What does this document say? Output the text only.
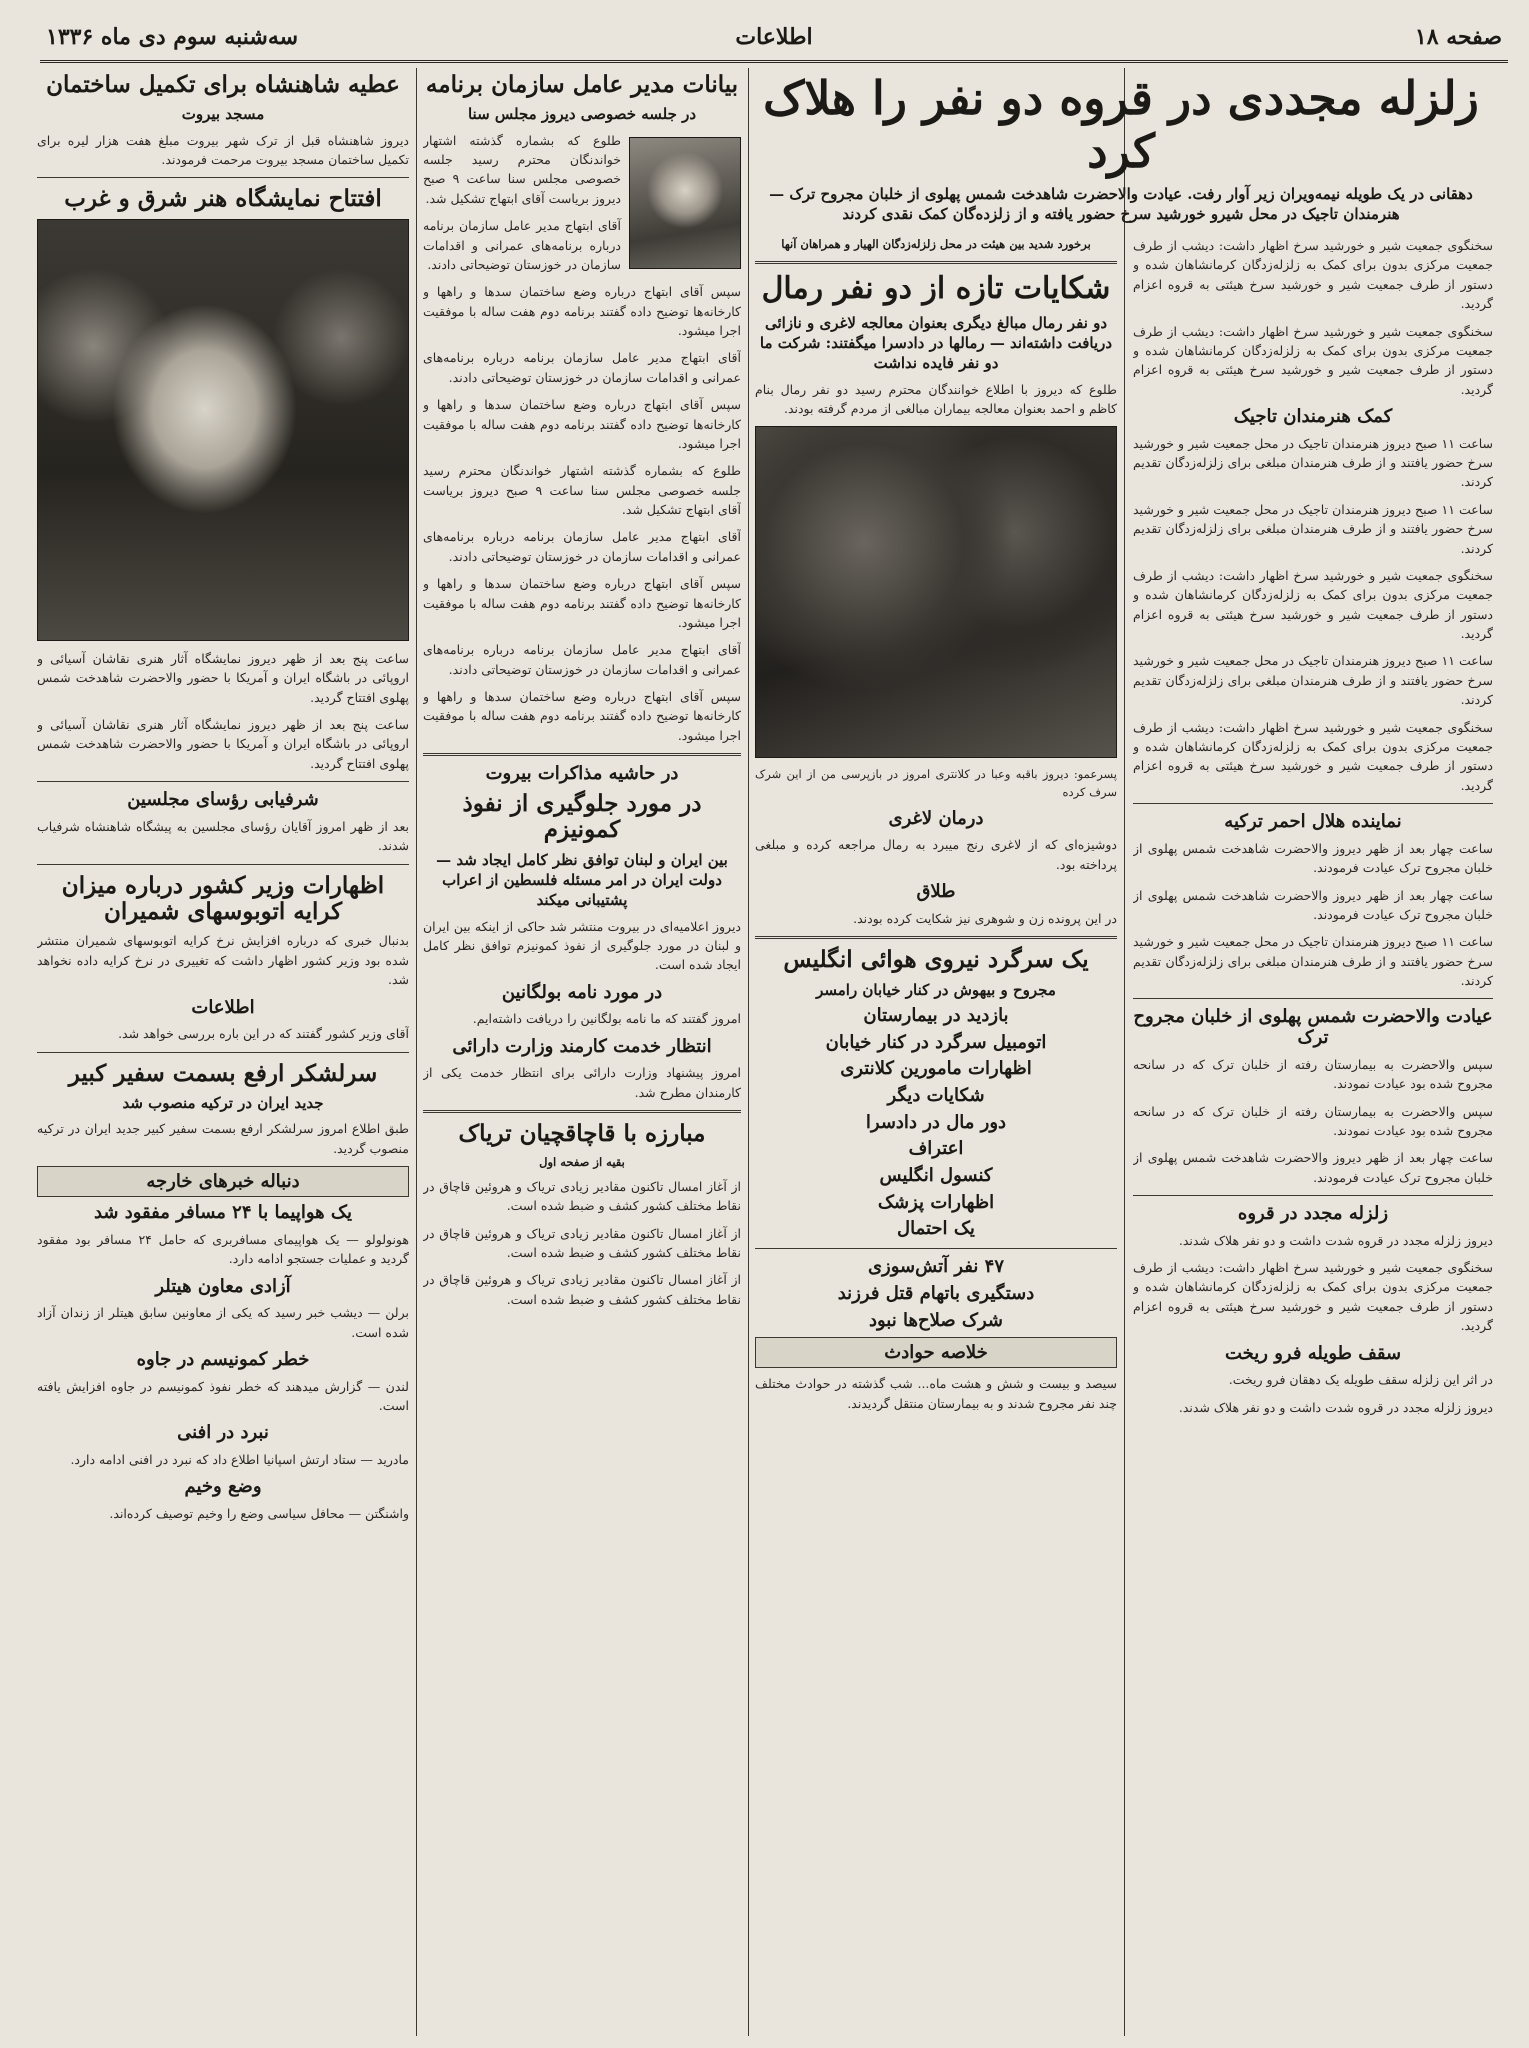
صفحه ۱۸
اطلاعات
سه‌شنبه سوم دی ماه ۱۳۳۶
زلزله مجددی در قروه دو نفر را هلاک کرد
دهقانی در یک طویله نیمه‌ویران زیر آوار رفت. عیادت والاحضرت شاهدخت شمس پهلوی از خلبان مجروح ترک — هنرمندان تاجیک در محل شیرو خورشید سرخ حضور یافته و از زلزده‌گان کمک نقدی کردند
سخنگوی جمعیت شیر و خورشید سرخ اظهار داشت: دیشب از طرف جمعیت مرکزی بدون برای کمک به زلزله‌زدگان کرمانشاهان شده و دستور از طرف جمعیت شیر و خورشید سرخ هیئتی به قروه اعزام گردید.
سخنگوی جمعیت شیر و خورشید سرخ اظهار داشت: دیشب از طرف جمعیت مرکزی بدون برای کمک به زلزله‌زدگان کرمانشاهان شده و دستور از طرف جمعیت شیر و خورشید سرخ هیئتی به قروه اعزام گردید.
کمک هنرمندان تاجیک
ساعت ۱۱ صبح دیروز هنرمندان تاجیک در محل جمعیت شیر و خورشید سرخ حضور یافتند و از طرف هنرمندان مبلغی برای زلزله‌زدگان تقدیم کردند.
ساعت ۱۱ صبح دیروز هنرمندان تاجیک در محل جمعیت شیر و خورشید سرخ حضور یافتند و از طرف هنرمندان مبلغی برای زلزله‌زدگان تقدیم کردند.
سخنگوی جمعیت شیر و خورشید سرخ اظهار داشت: دیشب از طرف جمعیت مرکزی بدون برای کمک به زلزله‌زدگان کرمانشاهان شده و دستور از طرف جمعیت شیر و خورشید سرخ هیئتی به قروه اعزام گردید.
ساعت ۱۱ صبح دیروز هنرمندان تاجیک در محل جمعیت شیر و خورشید سرخ حضور یافتند و از طرف هنرمندان مبلغی برای زلزله‌زدگان تقدیم کردند.
سخنگوی جمعیت شیر و خورشید سرخ اظهار داشت: دیشب از طرف جمعیت مرکزی بدون برای کمک به زلزله‌زدگان کرمانشاهان شده و دستور از طرف جمعیت شیر و خورشید سرخ هیئتی به قروه اعزام گردید.
نماینده هلال احمر ترکیه
ساعت چهار بعد از ظهر دیروز والاحضرت شاهدخت شمس پهلوی از خلبان مجروح ترک عیادت فرمودند.
ساعت چهار بعد از ظهر دیروز والاحضرت شاهدخت شمس پهلوی از خلبان مجروح ترک عیادت فرمودند.
ساعت ۱۱ صبح دیروز هنرمندان تاجیک در محل جمعیت شیر و خورشید سرخ حضور یافتند و از طرف هنرمندان مبلغی برای زلزله‌زدگان تقدیم کردند.
عیادت والاحضرت شمس پهلوی از خلبان مجروح ترک
سپس والاحضرت به بیمارستان رفته از خلبان ترک که در سانحه مجروح شده بود عیادت نمودند.
سپس والاحضرت به بیمارستان رفته از خلبان ترک که در سانحه مجروح شده بود عیادت نمودند.
ساعت چهار بعد از ظهر دیروز والاحضرت شاهدخت شمس پهلوی از خلبان مجروح ترک عیادت فرمودند.
زلزله مجدد در قروه
دیروز زلزله مجدد در قروه شدت داشت و دو نفر هلاک شدند.
سخنگوی جمعیت شیر و خورشید سرخ اظهار داشت: دیشب از طرف جمعیت مرکزی بدون برای کمک به زلزله‌زدگان کرمانشاهان شده و دستور از طرف جمعیت شیر و خورشید سرخ هیئتی به قروه اعزام گردید.
سقف طویله فرو ریخت
در اثر این زلزله سقف طویله یک دهقان فرو ریخت.
دیروز زلزله مجدد در قروه شدت داشت و دو نفر هلاک شدند.
برخورد شدید بین هیئت در محل زلزله‌زدگان الهیار و همراهان آنها
شکایات تازه از دو نفر رمال
دو نفر رمال مبالغ دیگری بعنوان معالجه لاغری و نازائی دریافت داشته‌اند — رمالها در دادسرا میگفتند: شرکت ما دو نفر فایده نداشت
طلوع که دیروز با اطلاع خوانندگان محترم رسید دو نفر رمال بنام کاظم و احمد بعنوان معالجه بیماران مبالغی از مردم گرفته بودند.
پسرعمو: دیروز باقبه وعبا در کلانتری امروز در بازپرسی من از این شرک سرف کرده
درمان لاغری
دوشیزه‌ای که از لاغری رنج میبرد به رمال مراجعه کرده و مبلغی پرداخته بود.
طلاق
در این پرونده زن و شوهری نیز شکایت کرده بودند.
یک سرگرد نیروی هوائی انگلیس
مجروح و بیهوش در کنار خیابان رامسر
بازدید در بیمارستان
اتومبیل سرگرد در کنار خیابان
اظهارات مامورین کلانتری
شکایات دیگر
دور مال در دادسرا
اعتراف
کنسول انگلیس
اظهارات پزشک
یک احتمال
۴۷ نفر آتش‌سوزی
دستگیری باتهام قتل فرزند
شرک صلاح‌ها نبود
خلاصه حوادث
سیصد و بیست و شش و هشت ماه... شب گذشته در حوادث مختلف چند نفر مجروح شدند و به بیمارستان منتقل گردیدند.
بیانات مدیر عامل سازمان برنامه
در جلسه خصوصی دیروز مجلس سنا
طلوع که بشماره گذشته اشتهار خواندنگان محترم رسید جلسه خصوصی مجلس سنا ساعت ۹ صبح دیروز بریاست آقای ابتهاج تشکیل شد.
آقای ابتهاج مدیر عامل سازمان برنامه درباره برنامه‌های عمرانی و اقدامات سازمان در خوزستان توضیحاتی دادند.
سپس آقای ابتهاج درباره وضع ساختمان سدها و راهها و کارخانه‌ها توضیح داده گفتند برنامه دوم هفت ساله با موفقیت اجرا میشود.
آقای ابتهاج مدیر عامل سازمان برنامه درباره برنامه‌های عمرانی و اقدامات سازمان در خوزستان توضیحاتی دادند.
سپس آقای ابتهاج درباره وضع ساختمان سدها و راهها و کارخانه‌ها توضیح داده گفتند برنامه دوم هفت ساله با موفقیت اجرا میشود.
طلوع که بشماره گذشته اشتهار خواندنگان محترم رسید جلسه خصوصی مجلس سنا ساعت ۹ صبح دیروز بریاست آقای ابتهاج تشکیل شد.
آقای ابتهاج مدیر عامل سازمان برنامه درباره برنامه‌های عمرانی و اقدامات سازمان در خوزستان توضیحاتی دادند.
سپس آقای ابتهاج درباره وضع ساختمان سدها و راهها و کارخانه‌ها توضیح داده گفتند برنامه دوم هفت ساله با موفقیت اجرا میشود.
آقای ابتهاج مدیر عامل سازمان برنامه درباره برنامه‌های عمرانی و اقدامات سازمان در خوزستان توضیحاتی دادند.
سپس آقای ابتهاج درباره وضع ساختمان سدها و راهها و کارخانه‌ها توضیح داده گفتند برنامه دوم هفت ساله با موفقیت اجرا میشود.
در حاشیه مذاکرات بیروت
در مورد جلوگیری از نفوذ کمونیزم
بین ایران و لبنان توافق نظر کامل ایجاد شد — دولت ایران در امر مسئله فلسطین از اعراب پشتیبانی میکند
دیروز اعلامیه‌ای در بیروت منتشر شد حاکی از اینکه بین ایران و لبنان در مورد جلوگیری از نفوذ کمونیزم توافق نظر کامل ایجاد شده است.
در مورد نامه بولگانین
امروز گفتند که ما نامه بولگانین را دریافت داشته‌ایم.
انتظار خدمت کارمند وزارت دارائی
امروز پیشنهاد وزارت دارائی برای انتظار خدمت یکی از کارمندان مطرح شد.
مبارزه با قاچاقچیان تریاک
بقیه از صفحه اول
از آغاز امسال تاکنون مقادیر زیادی تریاک و هروئین قاچاق در نقاط مختلف کشور کشف و ضبط شده است.
از آغاز امسال تاکنون مقادیر زیادی تریاک و هروئین قاچاق در نقاط مختلف کشور کشف و ضبط شده است.
از آغاز امسال تاکنون مقادیر زیادی تریاک و هروئین قاچاق در نقاط مختلف کشور کشف و ضبط شده است.
عطیه شاهنشاه برای تکمیل ساختمان
مسجد بیروت
دیروز شاهنشاه قبل از ترک شهر بیروت مبلغ هفت هزار لیره برای تکمیل ساختمان مسجد بیروت مرحمت فرمودند.
افتتاح نمایشگاه هنر شرق و غرب
ساعت پنج بعد از ظهر دیروز نمایشگاه آثار هنری نقاشان آسیائی و اروپائی در باشگاه ایران و آمریکا با حضور والاحضرت شاهدخت شمس پهلوی افتتاح گردید.
ساعت پنج بعد از ظهر دیروز نمایشگاه آثار هنری نقاشان آسیائی و اروپائی در باشگاه ایران و آمریکا با حضور والاحضرت شاهدخت شمس پهلوی افتتاح گردید.
شرفیابی رؤسای مجلسین
بعد از ظهر امروز آقایان رؤسای مجلسین به پیشگاه شاهنشاه شرفیاب شدند.
اظهارات وزیر کشور درباره میزان کرایه اتوبوسهای شمیران
بدنبال خبری که درباره افزایش نرخ کرایه اتوبوسهای شمیران منتشر شده بود وزیر کشور اظهار داشت که تغییری در نرخ کرایه داده نخواهد شد.
اطلاعات
آقای وزیر کشور گفتند که در این باره بررسی خواهد شد.
سرلشکر ارفع بسمت سفیر کبیر
جدید ایران در ترکیه منصوب شد
طبق اطلاع امروز سرلشکر ارفع بسمت سفیر کبیر جدید ایران در ترکیه منصوب گردید.
دنباله خبرهای خارجه
یک هواپیما با ۲۴ مسافر مفقود شد
هونولولو — یک هواپیمای مسافربری که حامل ۲۴ مسافر بود مفقود گردید و عملیات جستجو ادامه دارد.
آزادی معاون هیتلر
برلن — دیشب خبر رسید که یکی از معاونین سابق هیتلر از زندان آزاد شده است.
خطر کمونیسم در جاوه
لندن — گزارش میدهند که خطر نفوذ کمونیسم در جاوه افزایش یافته است.
نبرد در افنی
مادرید — ستاد ارتش اسپانیا اطلاع داد که نبرد در افنی ادامه دارد.
وضع وخیم
واشنگتن — محافل سیاسی وضع را وخیم توصیف کرده‌اند.
